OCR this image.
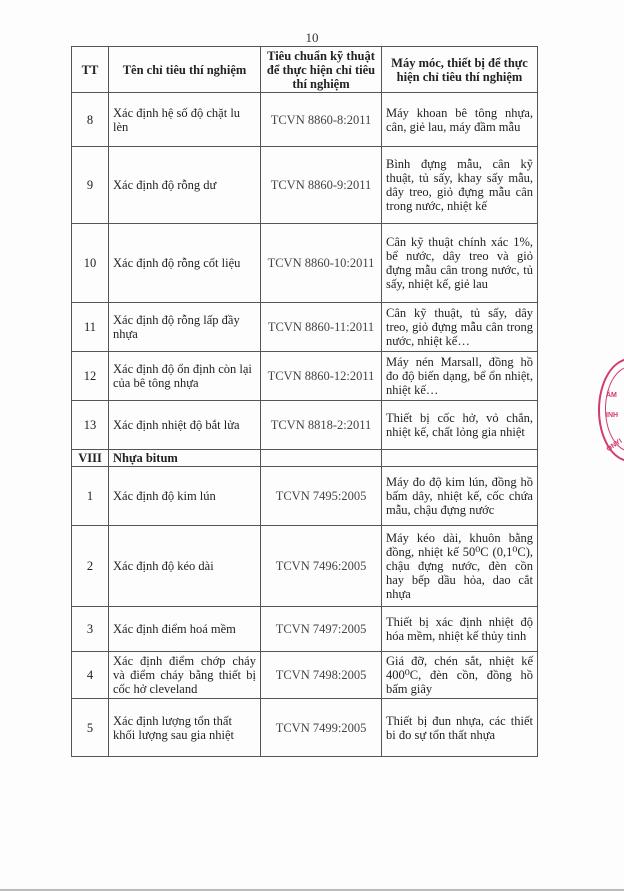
10
TT	Tên chỉ tiêu thí nghiệm	Tiêu chuẩn kỹ thuật để thực hiện chỉ tiêu thí nghiệm	Máy móc, thiết bị để thực hiện chỉ tiêu thí nghiệm
8	Xác định hệ số độ chặt lu lèn	TCVN 8860-8:2011	Máy khoan bê tông nhựa, cân, giẻ lau, máy đầm mẫu
9	Xác định độ rỗng dư	TCVN 8860-9:2011	Bình đựng mẫu, cân kỹ thuật, tủ sấy, khay sấy mẫu, dây treo, giỏ đựng mẫu cân trong nước, nhiệt kế
10	Xác định độ rỗng cốt liệu	TCVN 8860-10:2011	Cân kỹ thuật chính xác 1%, bể nước, dây treo và giỏ đựng mẫu cân trong nước, tủ sấy, nhiệt kế, giẻ lau
11	Xác định độ rỗng lấp đầy nhựa	TCVN 8860-11:2011	Cân kỹ thuật, tủ sấy, dây treo, giỏ đựng mẫu cân trong nước, nhiệt kế…
12	Xác định độ ổn định còn lại của bê tông nhựa	TCVN 8860-12:2011	Máy nén Marsall, đồng hồ đo độ biến dạng, bể ổn nhiệt, nhiệt kế…
13	Xác định nhiệt độ bắt lửa	TCVN 8818-2:2011	Thiết bị cốc hở, vỏ chắn, nhiệt kế, chất lỏng gia nhiệt
VIII	Nhựa bitum		
1	Xác định độ kim lún	TCVN 7495:2005	Máy đo độ kim lún, đồng hồ bấm dây, nhiệt kế, cốc chứa mẫu, chậu đựng nước
2	Xác định độ kéo dài	TCVN 7496:2005	Máy kéo dài, khuôn bằng đồng, nhiệt kế 50⁰C (0,1⁰C), chậu đựng nước, đèn cồn hay bếp dầu hỏa, dao cắt nhựa
3	Xác định điểm hoá mềm	TCVN 7497:2005	Thiết bị xác định nhiệt độ hóa mềm, nhiệt kế thủy tinh
4	Xác định điểm chớp cháy và điểm cháy bằng thiết bị cốc hở cleveland	TCVN 7498:2005	Giá đỡ, chén sắt, nhiệt kế 400⁰C, đèn cồn, đồng hồ bấm giây
5	Xác định lượng tổn thất khối lượng sau gia nhiệt	TCVN 7499:2005	Thiết bị đun nhựa, các thiết bi đo sự tổn thất nhựa
ÂM
INH
ONYI
